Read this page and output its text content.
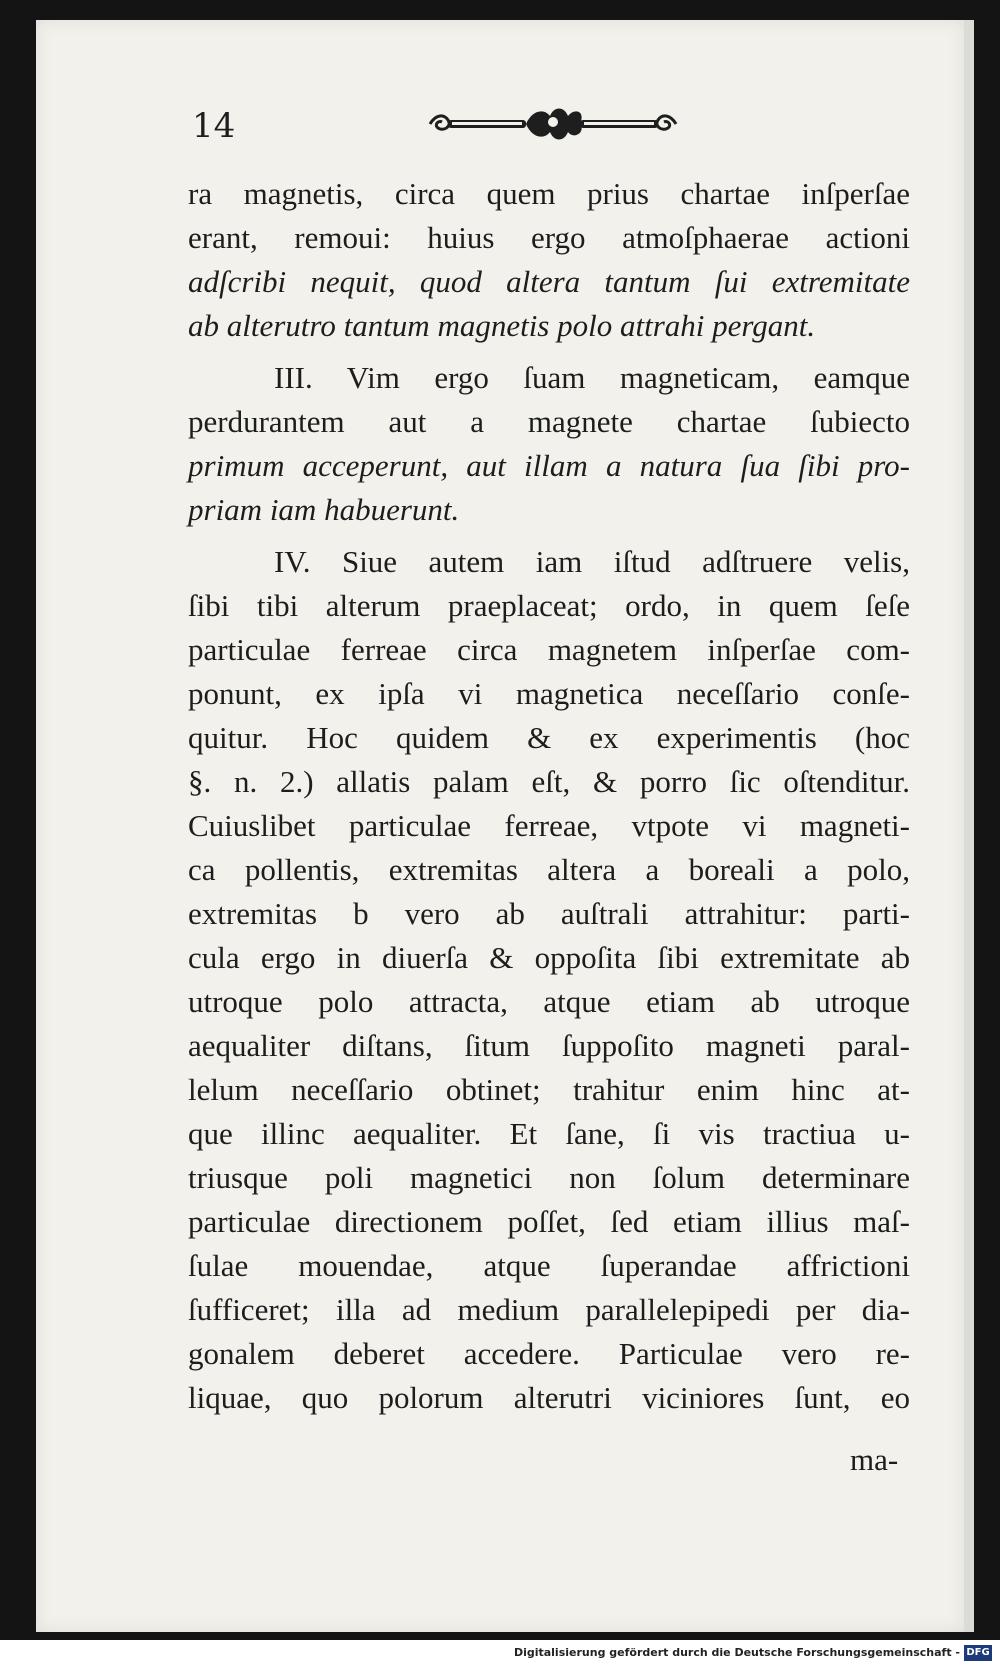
14
ra magnetis, circa quem prius chartae inſperſae
erant, remoui: huius ergo atmoſphaerae actioni
adſcribi nequit, quod altera tantum ſui extremitate
ab alterutro tantum magnetis polo attrahi pergant.
III. Vim ergo ſuam magneticam, eamque
perdurantem aut a magnete chartae ſubiecto
primum acceperunt, aut illam a natura ſua ſibi pro-
priam iam habuerunt.
IV. Siue autem iam iſtud adſtruere velis,
ſibi tibi alterum praeplaceat; ordo, in quem ſeſe
particulae ferreae circa magnetem inſperſae com-
ponunt, ex ipſa vi magnetica neceſſario conſe-
quitur. Hoc quidem & ex experimentis (hoc
§. n. 2.) allatis palam eſt, & porro ſic oſtenditur.
Cuiuslibet particulae ferreae, vtpote vi magneti-
ca pollentis, extremitas altera a boreali a polo,
extremitas b vero ab auſtrali attrahitur: parti-
cula ergo in diuerſa & oppoſita ſibi extremitate ab
utroque polo attracta, atque etiam ab utroque
aequaliter diſtans, ſitum ſuppoſito magneti paral-
lelum neceſſario obtinet; trahitur enim hinc at-
que illinc aequaliter. Et ſane, ſi vis tractiua u-
triusque poli magnetici non ſolum determinare
particulae directionem poſſet, ſed etiam illius maſ-
ſulae mouendae, atque ſuperandae affrictioni
ſufficeret; illa ad medium parallelepipedi per dia-
gonalem deberet accedere. Particulae vero re-
liquae, quo polorum alterutri viciniores ſunt, eo
ma-
Digitalisierung gefördert durch die Deutsche Forschungsgemeinschaft - DFG
